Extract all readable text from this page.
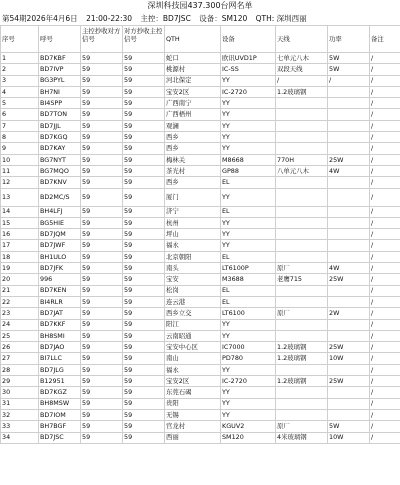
深圳科技园437.300台网名单
第54期2026年4月6日 21:00-22:30 主控：BD7JSC 设备：SM120 QTH: 深圳西丽
序号	呼号	主控抄收对方信号	对方抄收主控信号	QTH	设备	天线	功率	备注
1	BD7KBF	59	59	蛇口	欧讯UVD1P	七单元八木	5W	/
2	BD7IVP	59	59	桃源村	IC-SS	双段天线	5W	/
3	BG3PYL	59	59	河北保定	YY	/	/	/
4	BH7NI	59	59	宝安2区	IC-2720	1.2玻璃钢		/
5	BI4SPP	59	59	广西南宁	YY			/
6	BD7TON	59	59	广西梧州	YY			/
7	BD7JJL	59	59	观澜	YY			/
8	BD7KGQ	59	59	西乡	YY			/
9	BD7KAY	59	59	西乡	YY			/
10	BG7NYT	59	59	梅林关	M8668	770H	25W	/
11	BG7MQO	59	59	茶光村	GP88	八单元八木	4W	/
12	BD7KNV	59	59	西乡	EL			/
13	BD2MC/S	59	59	厦门	YY			/
14	BH4LFJ	59	59	济宁	EL			/
15	BG5HIE	59	59	杭州	YY			/
16	BD7JQM	59	59	坪山	YY			/
17	BD7JWF	59	59	福永	YY			/
18	BH1ULO	59	59	北京朝阳	EL			/
19	BD7JFK	59	59	南头	LT6100P	原厂	4W	/
20	996	59	59	宝安	M3688	老鹰715	25W	/
21	BD7KEN	59	59	松岗	EL			/
22	BI4RLR	59	59	连云港	EL			/
23	BD7JAT	59	59	西乡立交	LT6100	原厂	2W	/
24	BD7KKF	59	59	阳江	YY			/
25	BH8SMI	59	59	云南昭通	YY			/
26	BD7JAO	59	59	宝安中心区	IC7000	1.2玻璃钢	25W	/
27	BI7LLC	59	59	南山	PD780	1.2玻璃钢	10W	/
28	BD7JLG	59	59	福永	YY			/
29	B12951	59	59	宝安2区	IC-2720	1.2玻璃钢	25W	/
30	BD7KGZ	59	59	东莞石碣	YY			/
31	BH8MSW	59	59	贵阳	YY			/
32	BD7IOM	59	59	无锡	YY			/
33	BH7BGF	59	59	官龙村	KGUV2	原厂	5W	/
34	BD7JSC	59	59	西丽	SM120	4米玻璃钢	10W	/
